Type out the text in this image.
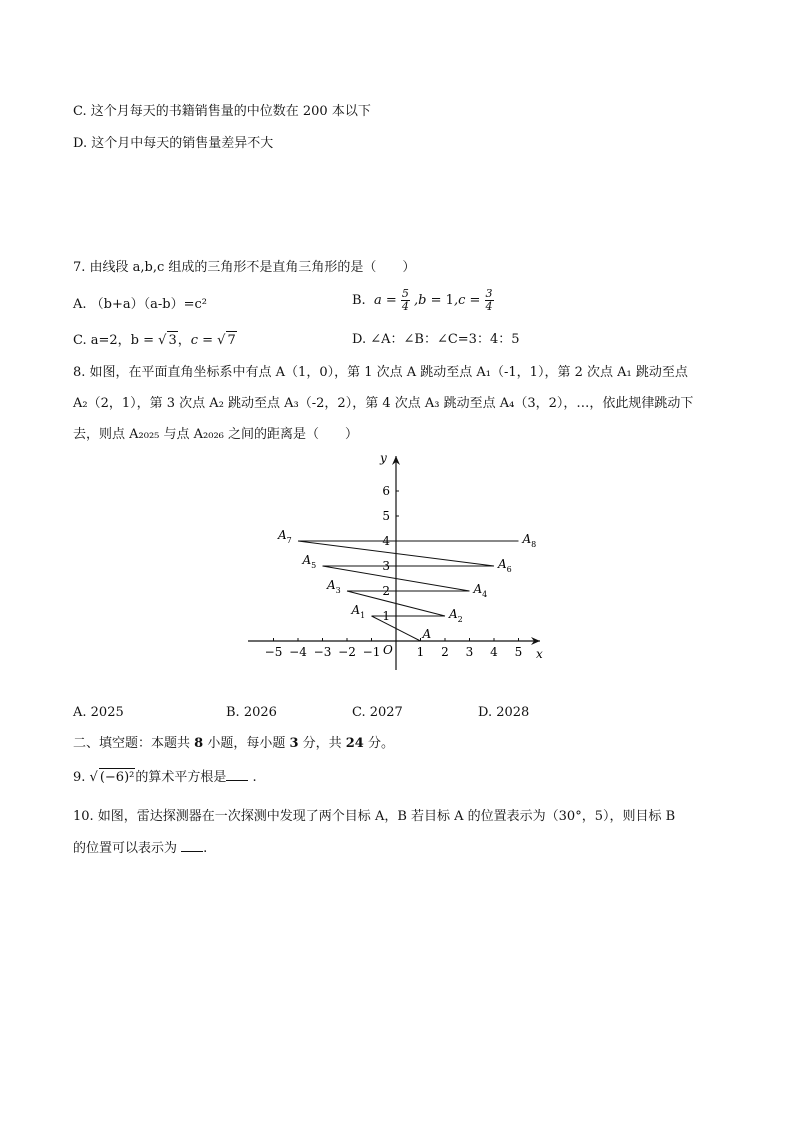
C. 这个月每天的书籍销售量的中位数在 200 本以下
D. 这个月中每天的销售量差异不大
7. 由线段 a,b,c 组成的三角形不是直角三角形的是（　　）
A. （b+a）（a-b）=c²	B.  $a = \frac{5}{4} ,b = 1,c = \frac{3}{4}$
C. a=2，b = √ 3，c = √ 7	D. ∠A：∠B：∠C=3：4：5
8. 如图，在平面直角坐标系中有点 A（1，0），第 1 次点 A 跳动至点 A₁（-1，1），第 2 次点 A₁ 跳动至点
A₂（2，1），第 3 次点 A₂ 跳动至点 A₃（-2，2），第 4 次点 A₃ 跳动至点 A₄（3，2），…，依此规律跳动下
去，则点 A₂₀₂₅ 与点 A₂₀₂₆ 之间的距离是（　　）
x
y
O
−5 −4 −3 −2 −1	1 2 3 4 5
1
2
3
4
5
6
A
$A_1$	$A_2$
$A_3$	$A_4$
$A_5$	$A_6$
$A_7$	$A_8$
A. 2025	B. 2026	C. 2027	D. 2028
二、填空题：本题共 8 小题，每小题 3 分，共 24 分。
9. √ (−6)²的算术平方根是 .
10. 如图，雷达探测器在一次探测中发现了两个目标 A，B 若目标 A 的位置表示为（30°，5），则目标 B
的位置可以表示为 .
